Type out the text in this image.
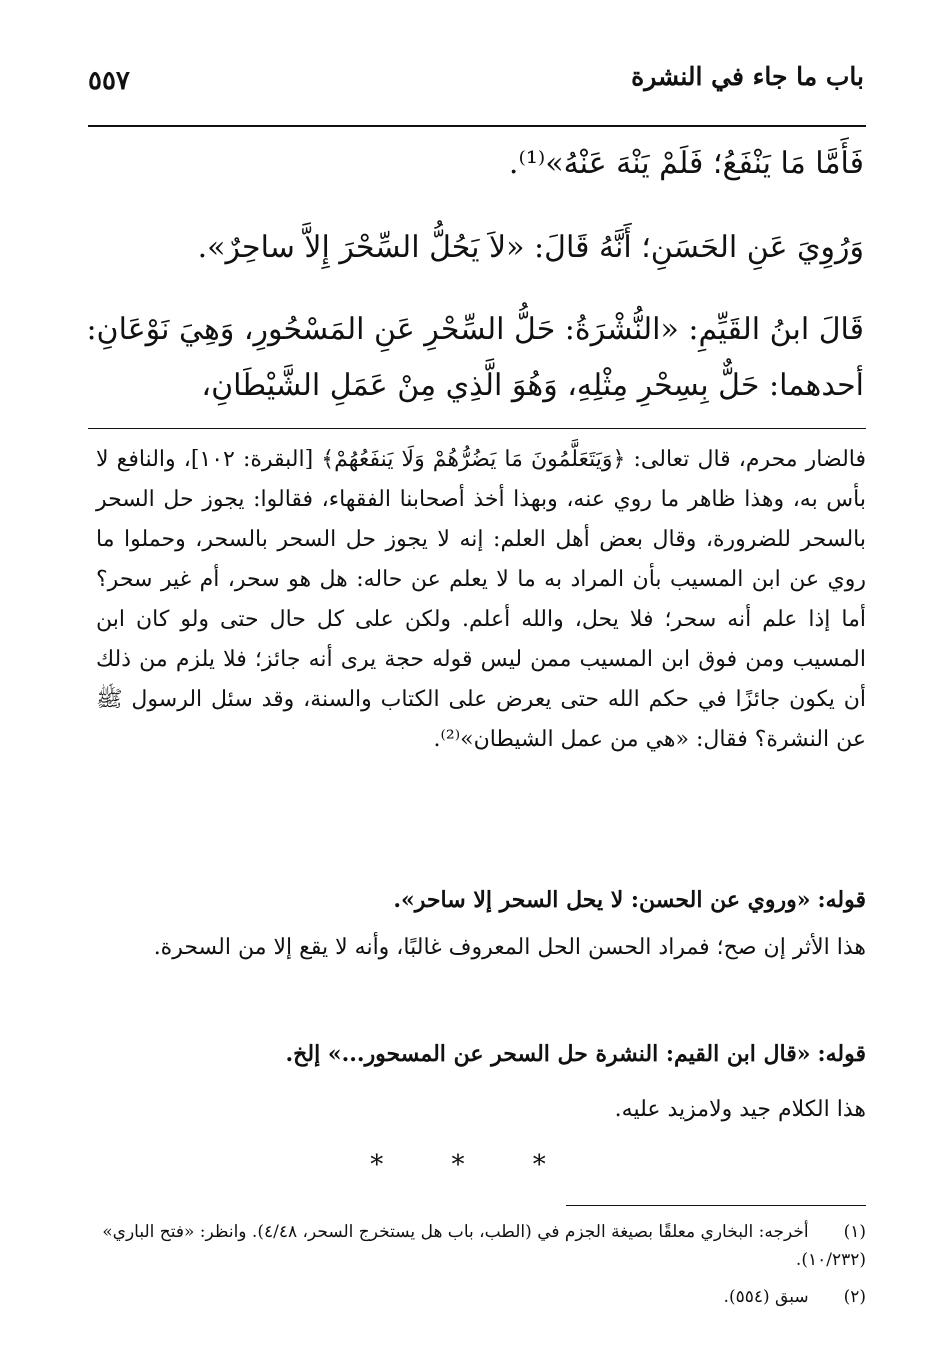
باب ما جاء في النشرة
٥٥٧
فَأَمَّا مَا يَنْفَعُ؛ فَلَمْ يَنْهَ عَنْهُ»⁽¹⁾.
وَرُوِيَ عَنِ الحَسَنِ؛ أَنَّهُ قَالَ: «لاَ يَحُلُّ السِّحْرَ إِلاَّ ساحِرٌ».
قَالَ ابنُ القَيِّمِ: «النُّشْرَةُ: حَلُّ السِّحْرِ عَنِ المَسْحُورِ، وَهِيَ نَوْعَانِ: أحدهما: حَلٌّ بِسِحْرِ مِثْلِهِ، وَهُوَ الَّذِي مِنْ عَمَلِ الشَّيْطَانِ،
فالضار محرم، قال تعالى: ﴿وَيَتَعَلَّمُونَ مَا يَضُرُّهُمْ وَلَا يَنفَعُهُمْ﴾ [البقرة: ١٠٢]، والنافع لا بأس به، وهذا ظاهر ما روي عنه، وبهذا أخذ أصحابنا الفقهاء، فقالوا: يجوز حل السحر بالسحر للضرورة، وقال بعض أهل العلم: إنه لا يجوز حل السحر بالسحر، وحملوا ما روي عن ابن المسيب بأن المراد به ما لا يعلم عن حاله: هل هو سحر، أم غير سحر؟ أما إذا علم أنه سحر؛ فلا يحل، والله أعلم. ولكن على كل حال حتى ولو كان ابن المسيب ومن فوق ابن المسيب ممن ليس قوله حجة يرى أنه جائز؛ فلا يلزم من ذلك أن يكون جائزًا في حكم الله حتى يعرض على الكتاب والسنة، وقد سئل الرسول ﷺ عن النشرة؟ فقال: «هي من عمل الشيطان»⁽²⁾.
قوله: «وروي عن الحسن: لا يحل السحر إلا ساحر».
هذا الأثر إن صح؛ فمراد الحسن الحل المعروف غالبًا، وأنه لا يقع إلا من السحرة.
قوله: «قال ابن القيم: النشرة حل السحر عن المسحور...» إلخ.
هذا الكلام جيد ولامزيد عليه.
* * *
(١) أخرجه: البخاري معلقًا بصيغة الجزم في (الطب، باب هل يستخرج السحر، ٤/٤٨). وانظر: «فتح الباري» (١٠/٢٣٢).
(٢) سبق (٥٥٤).
